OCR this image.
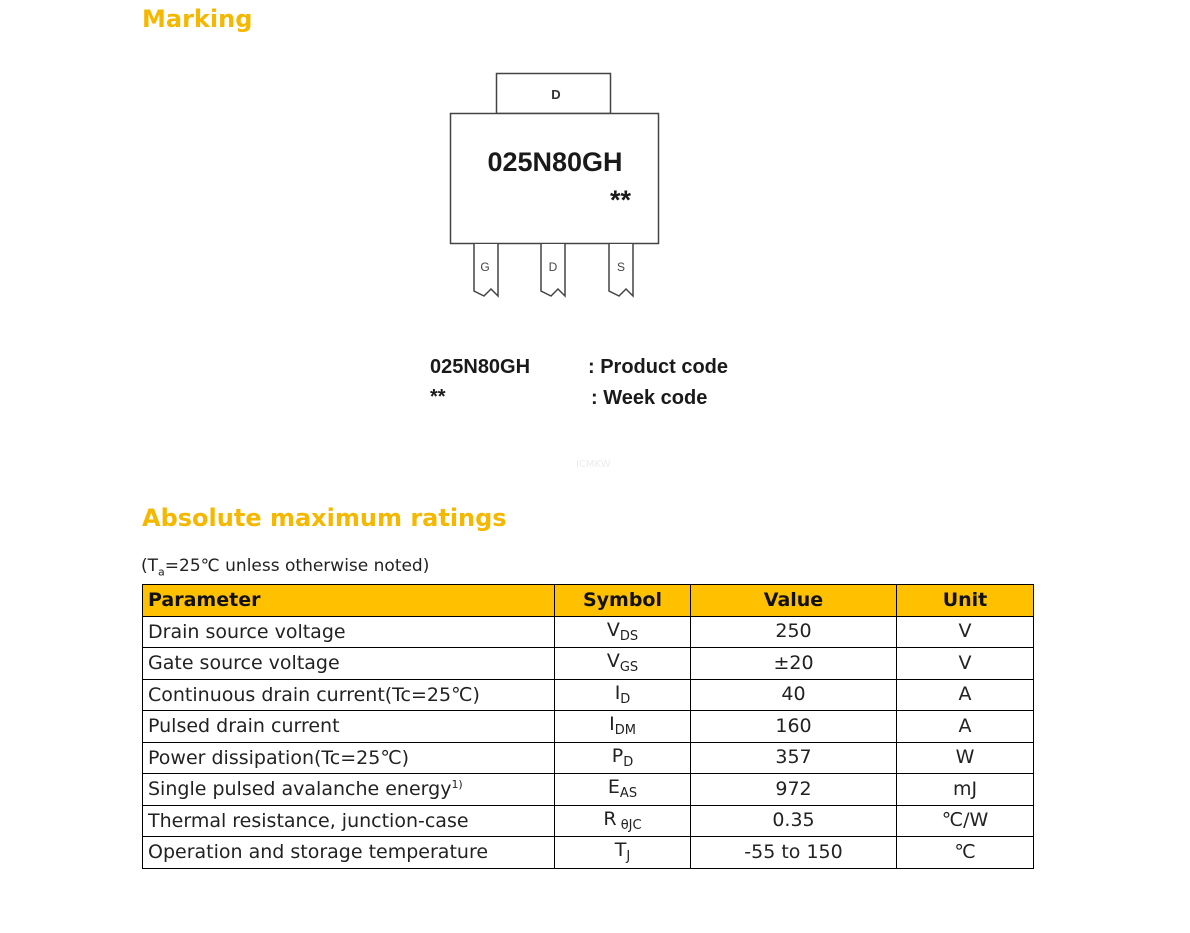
Marking
D
025N80GH
**
G	D	S
025N80GH	: Product code
**	: Week code
ICMKW
Absolute maximum ratings
($T_a=25℃$ unless otherwise noted)
Parameter	Symbol	Value	Unit
Drain source voltage	$V_{DS}$	250	V
Gate source voltage	$V_{GS}$	±20	V
Continuous drain current(Tc=25℃)	$I_D$	40	A
Pulsed drain current	$I_{DM}$	160	A
Power dissipation(Tc=25℃)	$P_D$	357	W
Single pulsed avalanche energy$^{1)}$	$E_{AS}$	972	mJ
Thermal resistance, junction-case	R $_{\theta JC}$	0.35	℃/W
Operation and storage temperature	$T_J$	-55 to 150	℃
